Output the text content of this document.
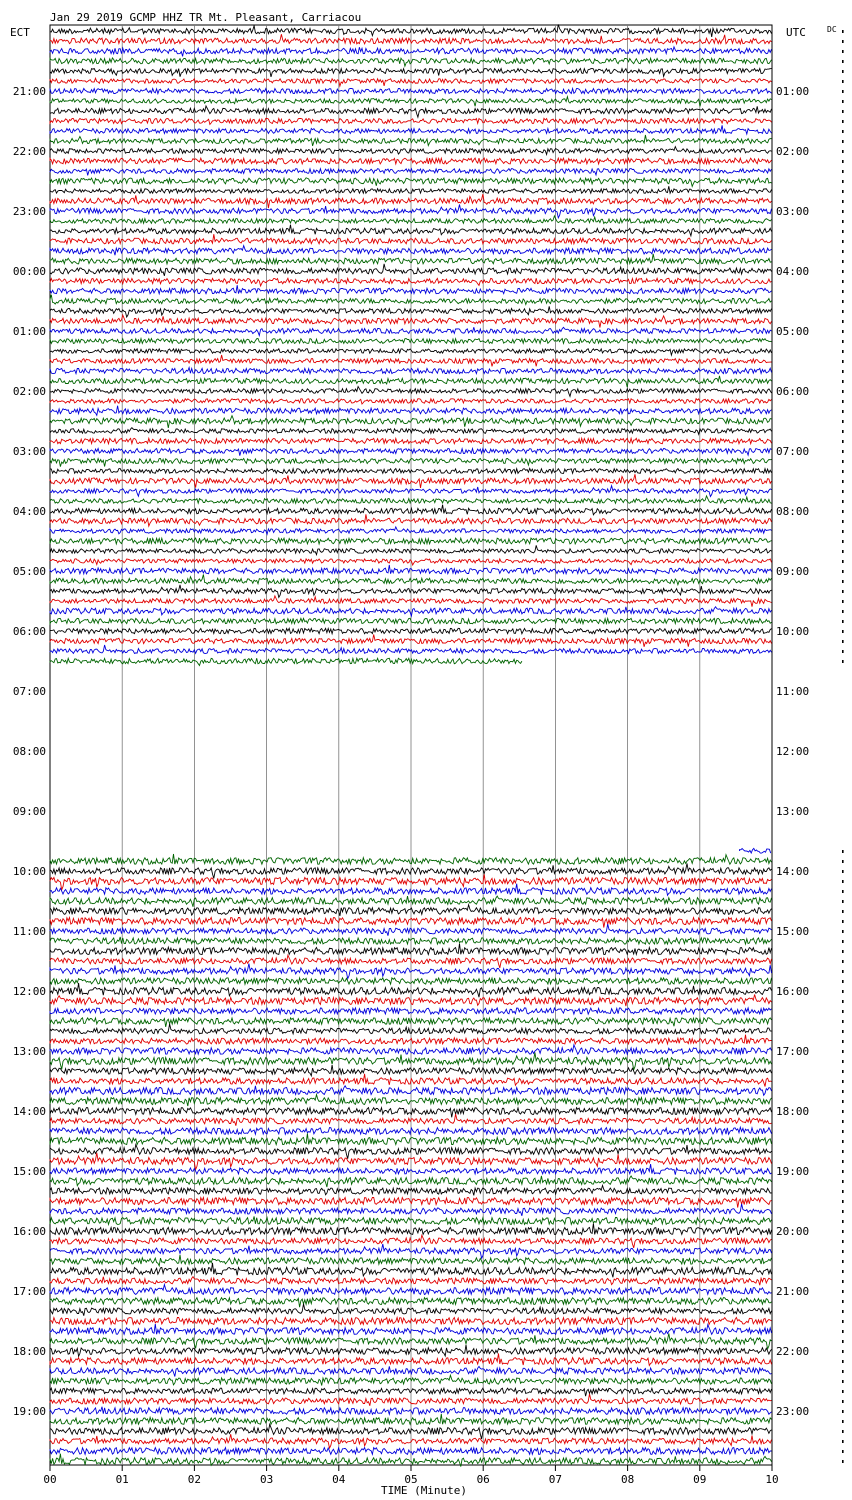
Jan 29 2019 GCMP HHZ TR Mt. Pleasant, Carriacou
ECT	UTC	DC
21:00
22:00
23:00
00:00
01:00
02:00
03:00
04:00
05:00
06:00
07:00
08:00
09:00
10:00
11:00
12:00
13:00
14:00
15:00
16:00
17:00
18:00
19:00
01:00
02:00
03:00
04:00
05:00
06:00
07:00
08:00
09:00
10:00
11:00
12:00
13:00
14:00
15:00
16:00
17:00
18:00
19:00
20:00
21:00
22:00
23:00
00	01	02	03	04	05	06	07	08	09	10
TIME (Minute)
